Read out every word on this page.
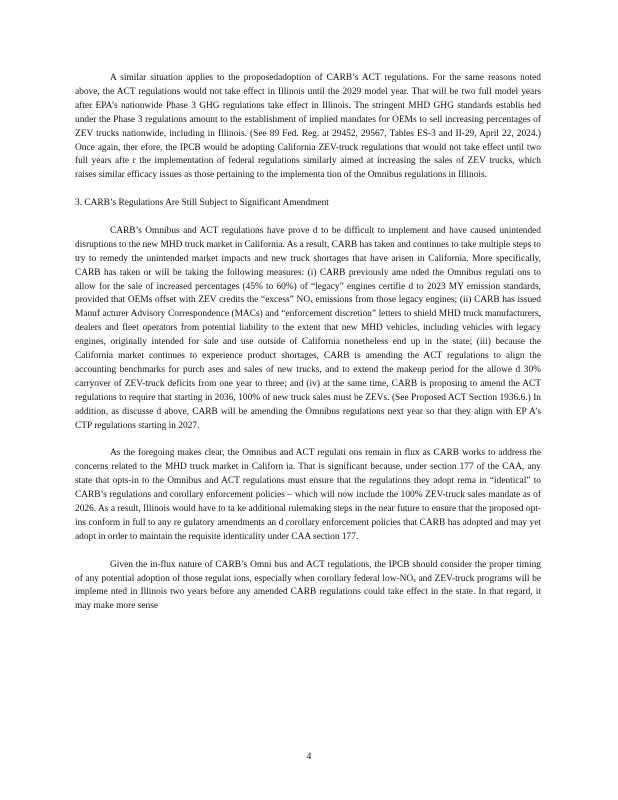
A similar situation applies to the proposedadoption of CARB’s ACT regulations. For the same reasons noted above, the ACT regulations would not take effect in Illinois until the 2029 model year. That will be two full model years after EPA’s nationwide Phase 3 GHG regulations take effect in Illinois. The stringent MHD GHG standards establis hed under the Phase 3 regulations amount to the establishment of implied mandates for OEMs to sell increasing percentages of ZEV trucks nationwide, including in Illinois. (See 89 Fed. Reg. at 29452, 29567, Tables ES-3 and II-29, April 22, 2024.) Once again, ther efore, the IPCB would be adopting California ZEV-truck regulations that would not take effect until two full years afte r the implementation of federal regulations similarly aimed at increasing the sales of ZEV trucks, which raises similar efficacy issues as those pertaining to the implementa tion of the Omnibus regulations in Illinois.

3. CARB’s Regulations Are Still Subject to Significant Amendment

CARB’s Omnibus and ACT regulations have prove d to be difficult to implement and have caused unintended disruptions to the new MHD truck market in California. As a result, CARB has taken and continues to take multiple steps to try to remedy the unintended market impacts and new truck shortages that have arisen in California. More specifically, CARB has taken or will be taking the following measures: (i) CARB previously ame nded the Omnibus regulati ons to allow for the sale of increased percentages (45% to 60%) of “legacy” engines certifie d to 2023 MY emission standards, provided that OEMs offset with ZEV credits the “excess” NOₓ emissions from those legacy engines; (ii) CARB has issued Manuf acturer Advisory Correspondence (MACs) and “enforcement discretion” letters to shield MHD truck manufacturers, dealers and fleet operators from potential liability to the extent that new MHD vehicles, including vehicles with legacy engines, originally intended for sale and use outside of California nonetheless end up in the state; (iii) because the California market continues to experience product shortages, CARB is amending the ACT regulations to align the accounting benchmarks for purch ases and sales of new trucks, and to extend the makeup period for the allowe d 30% carryover of ZEV-truck deficits from one year to three; and (iv) at the same time, CARB is proposing to amend the ACT regulations to require that starting in 2036, 100% of new truck sales must be ZEVs. (See Proposed ACT Section 1936.6.) In addition, as discusse d above, CARB will be amending the Omnibus regulations next year so that they align with EP A’s CTP regulations starting in 2027.

As the foregoing makes clear, the Omnibus and ACT regulati ons remain in flux as CARB works to address the concerns related to the MHD truck market in Californ ia. That is significant because, under section 177 of the CAA, any state that opts-in to the Omnibus and ACT regulations must ensure that the regulations they adopt rema in “identical” to CARB’s regulations and corollary enforcement policies – which will now include the 100% ZEV-truck sales mandate as of 2026. As a result, Illinois would have to ta ke additional rulemaking steps in the near future to ensure that the proposed opt-ins conform in full to any re gulatory amendments an d corollary enforcement policies that CARB has adopted and may yet adopt in order to maintain the requisite identicality under CAA section 177.

Given the in-flux nature of CARB’s Omni bus and ACT regulations, the IPCB should consider the proper timing of any potential adoption of those regulat ions, especially when corollary federal low-NOₓ and ZEV-truck programs will be impleme nted in Illinois two years before any amended CARB regulations could take effect in the state. In that regard, it may make more sense

4
